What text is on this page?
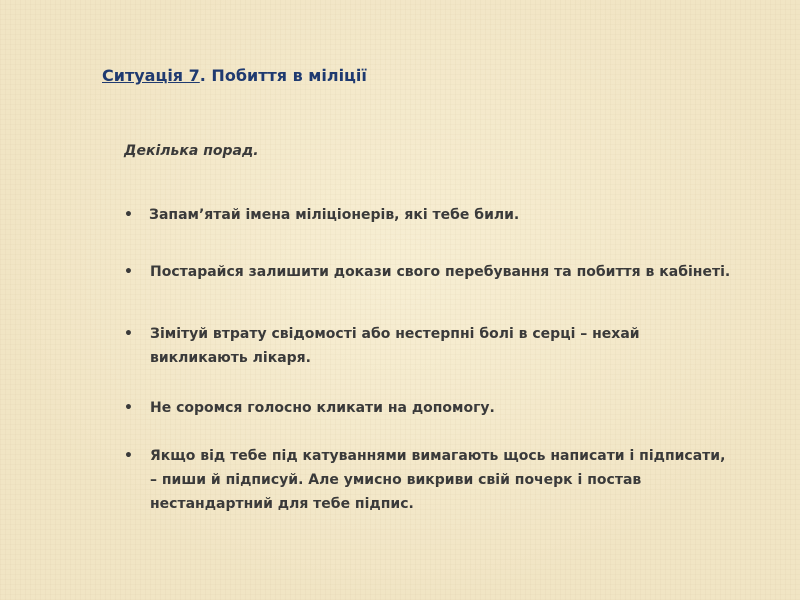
Ситуація 7. Побиття в міліції
Декілька порад.
• Запам’ятай імена міліціонерів, які тебе били.
• Постарайся залишити докази свого перебування та побиття в кабінеті.
• Зімітуй втрату свідомості або нестерпні болі в серці – нехай
викликають лікаря.
• Не соромся голосно кликати на допомогу.
• Якщо від тебе під катуваннями вимагають щось написати і підписати,
– пиши й підписуй. Але умисно викриви свій почерк і постав
нестандартний для тебе підпис.
